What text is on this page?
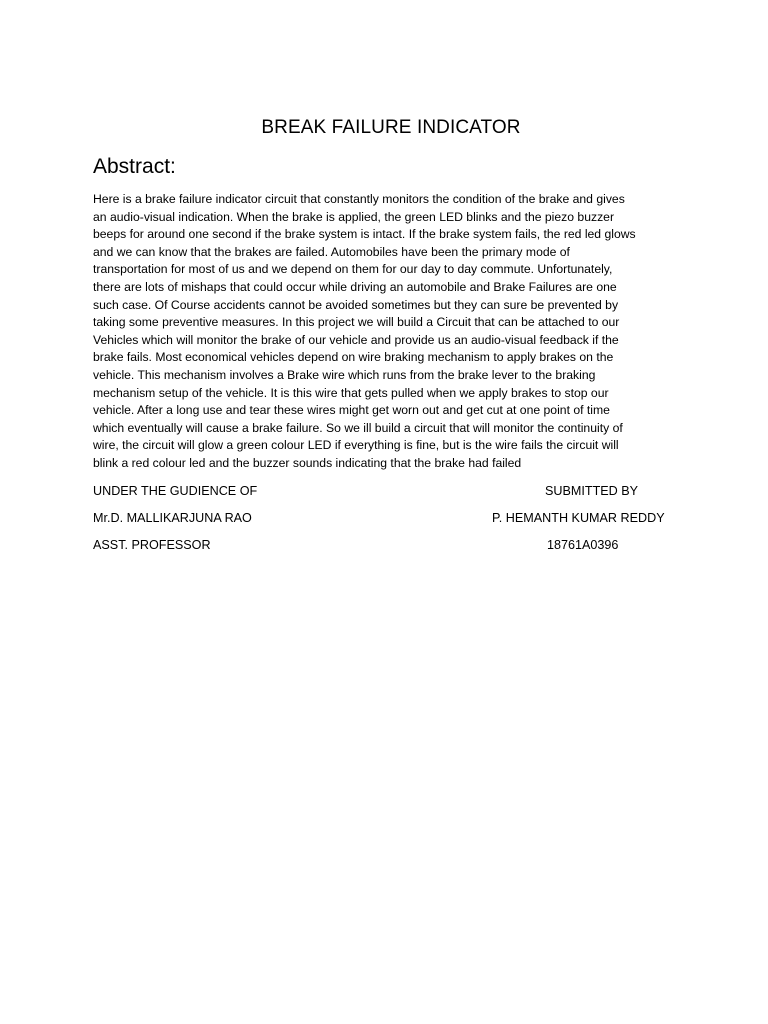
BREAK FAILURE INDICATOR
Abstract:
Here is a brake failure indicator circuit that constantly monitors the condition of the brake and gives
an audio-visual indication. When the brake is applied, the green LED blinks and the piezo buzzer
beeps for around one second if the brake system is intact. If the brake system fails, the red led glows
and we can know that the brakes are failed. Automobiles have been the primary mode of
transportation for most of us and we depend on them for our day to day commute. Unfortunately,
there are lots of mishaps that could occur while driving an automobile and Brake Failures are one
such case. Of Course accidents cannot be avoided sometimes but they can sure be prevented by
taking some preventive measures. In this project we will build a Circuit that can be attached to our
Vehicles which will monitor the brake of our vehicle and provide us an audio-visual feedback if the
brake fails. Most economical vehicles depend on wire braking mechanism to apply brakes on the
vehicle. This mechanism involves a Brake wire which runs from the brake lever to the braking
mechanism setup of the vehicle. It is this wire that gets pulled when we apply brakes to stop our
vehicle. After a long use and tear these wires might get worn out and get cut at one point of time
which eventually will cause a brake failure. So we ill build a circuit that will monitor the continuity of
wire, the circuit will glow a green colour LED if everything is fine, but is the wire fails the circuit will
blink a red colour led and the buzzer sounds indicating that the brake had failed
UNDER THE GUDIENCE OF	SUBMITTED BY
Mr.D. MALLIKARJUNA RAO	P. HEMANTH KUMAR REDDY
ASST. PROFESSOR	18761A0396
